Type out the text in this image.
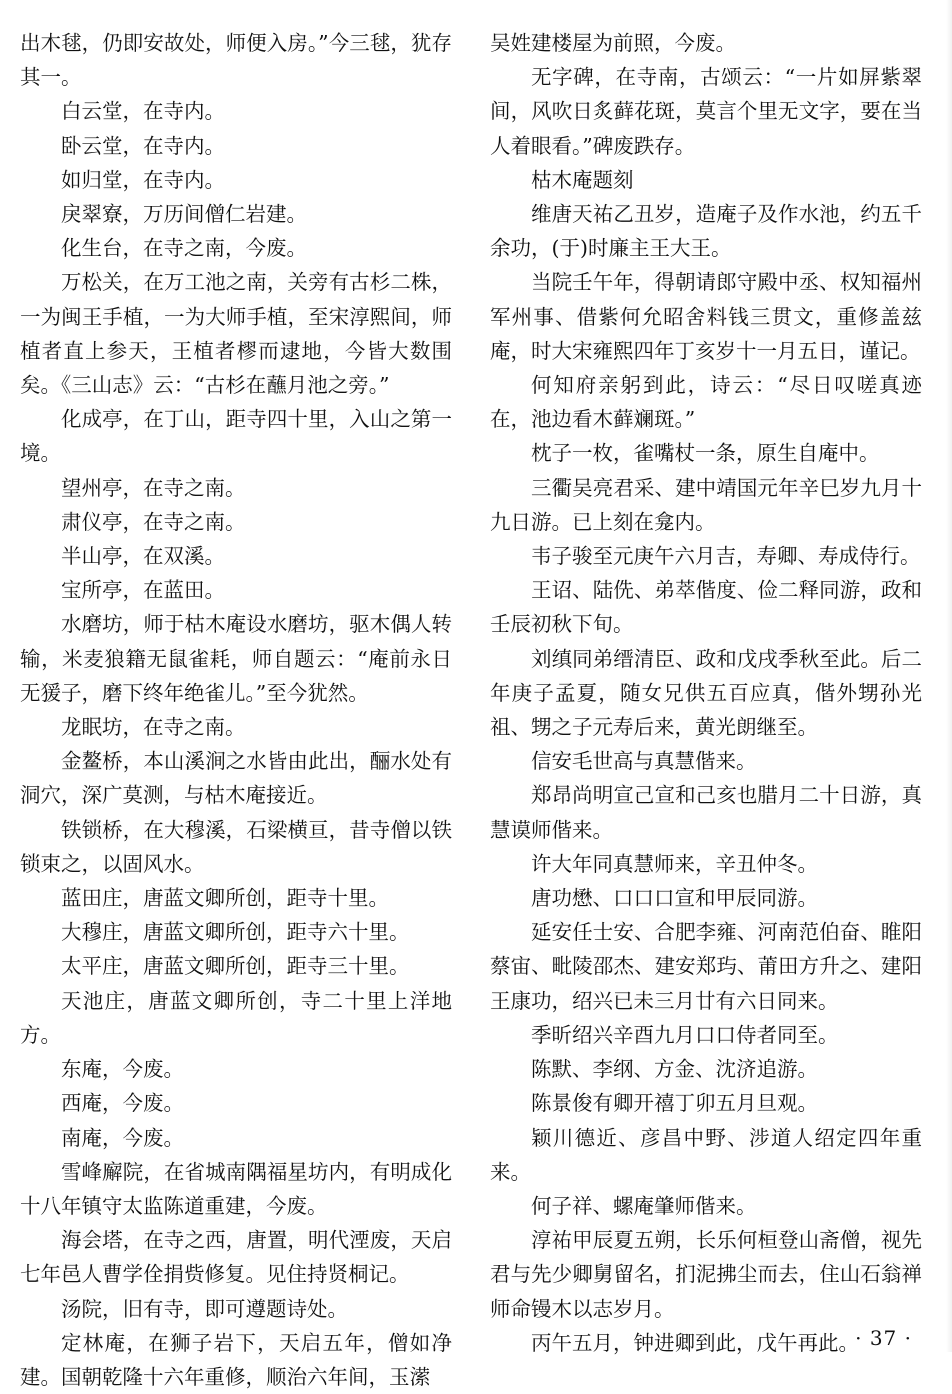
出木毬，仍即安故处，师便入房。”今三毬，犹存其一。

白云堂，在寺内。

卧云堂，在寺内。

如归堂，在寺内。

戾翠寮，万历间僧仁岩建。

化生台，在寺之南，今废。

万松关，在万工池之南，关旁有古杉二株，一为闽王手植，一为大师手植，至宋淳熙间，师植者直上参天，王植者樛而逮地，今皆大数围矣。《三山志》云：“古杉在蘸月池之旁。”

化成亭，在丁山，距寺四十里，入山之第一境。

望州亭，在寺之南。

肃仪亭，在寺之南。

半山亭，在双溪。

宝所亭，在蓝田。

水磨坊，师于枯木庵设水磨坊，驱木偶人转输，米麦狼籍无鼠雀耗，师自题云：“庵前永日无猨子，磨下终年绝雀儿。”至今犹然。

龙眠坊，在寺之南。

金鳌桥，本山溪涧之水皆由此出，酾水处有洞穴，深广莫测，与枯木庵接近。

铁锁桥，在大穆溪，石梁横亘，昔寺僧以铁锁束之，以固风水。

蓝田庄，唐蓝文卿所创，距寺十里。

大穆庄，唐蓝文卿所创，距寺六十里。

太平庄，唐蓝文卿所创，距寺三十里。

天池庄，唐蓝文卿所创，寺二十里上洋地方。

东庵，今废。

西庵，今废。

南庵，今废。

雪峰廨院，在省城南隅福星坊内，有明成化十八年镇守太监陈道重建，今废。

海会塔，在寺之西，唐置，明代湮废，天启七年邑人曹学佺捐赀修复。见住持贤桐记。

汤院，旧有寺，即可遵题诗处。

定林庵，在狮子岩下，天启五年，僧如净建。国朝乾隆十六年重修，顺治六年间，玉潆

吴姓建楼屋为前照，今废。

无字碑，在寺南，古颂云：“一片如屏紫翠间，风吹日炙藓花斑，莫言个里无文字，要在当人着眼看。”碑废跌存。

枯木庵题刻

维唐天祐乙丑岁，造庵子及作水池，约五千余功，(于)时廉主王大王。

当院壬午年，得朝请郎守殿中丞、权知福州军州事、借紫何允昭舍料钱三贯文，重修盖兹庵，时大宋雍熙四年丁亥岁十一月五日，谨记。

何知府亲躬到此，诗云：“尽日叹嗟真迹在，池边看木藓斓斑。”

枕子一枚，雀嘴杖一条，原生自庵中。

三衢吴亮君采、建中靖国元年辛巳岁九月十九日游。已上刻在龛内。

韦子骏至元庚午六月吉，寿卿、寿成侍行。

王诏、陆侁、弟萃偕度、俭二释同游，政和壬辰初秋下旬。

刘缜同弟缙清臣、政和戊戌季秋至此。后二年庚子孟夏，随女兄供五百应真，偕外甥孙光祖、甥之子元寿后来，黄光朗继至。

信安毛世高与真慧偕来。

郑昂尚明宣己宣和己亥也腊月二十日游，真慧谟师偕来。

许大年同真慧师来，辛丑仲冬。

唐功懋、口口口宣和甲辰同游。

延安任士安、合肥李雍、河南范伯奋、睢阳蔡宙、毗陵邵杰、建安郑玙、莆田方升之、建阳王康功，绍兴已未三月廿有六日同来。

季昕绍兴辛酉九月口口侍者同至。

陈默、李纲、方金、沈济追游。

陈景俊有卿开禧丁卯五月旦观。

颖川德近、彦昌中野、涉道人绍定四年重来。

何子祥、螺庵肇师偕来。

淳祐甲辰夏五朔，长乐何桓登山斋僧，视先君与先少卿舅留名，扪泥拂尘而去，住山石翁禅师命镘木以志岁月。

丙午五月，钟进卿到此，戊午再此。

· 37 ·
